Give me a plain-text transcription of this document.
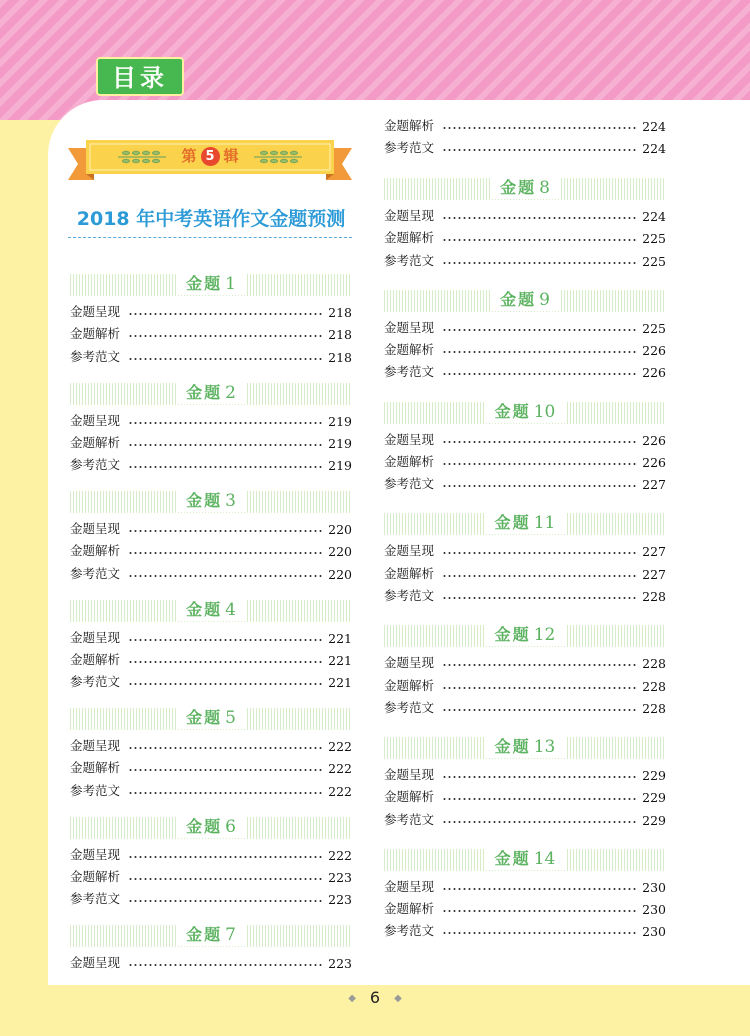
目录
第 5 辑
2018 年中考英语作文金题预测
金题 1
金题呈现	218
金题解析	218
参考范文	218
金题 2
金题呈现	219
金题解析	219
参考范文	219
金题 3
金题呈现	220
金题解析	220
参考范文	220
金题 4
金题呈现	221
金题解析	221
参考范文	221
金题 5
金题呈现	222
金题解析	222
参考范文	222
金题 6
金题呈现	222
金题解析	223
参考范文	223
金题 7
金题呈现	223
金题解析	224
参考范文	224
金题 8
金题呈现	224
金题解析	225
参考范文	225
金题 9
金题呈现	225
金题解析	226
参考范文	226
金题 10
金题呈现	226
金题解析	226
参考范文	227
金题 11
金题呈现	227
金题解析	227
参考范文	228
金题 12
金题呈现	228
金题解析	228
参考范文	228
金题 13
金题呈现	229
金题解析	229
参考范文	229
金题 14
金题呈现	230
金题解析	230
参考范文	230
◆ 6 ◆
